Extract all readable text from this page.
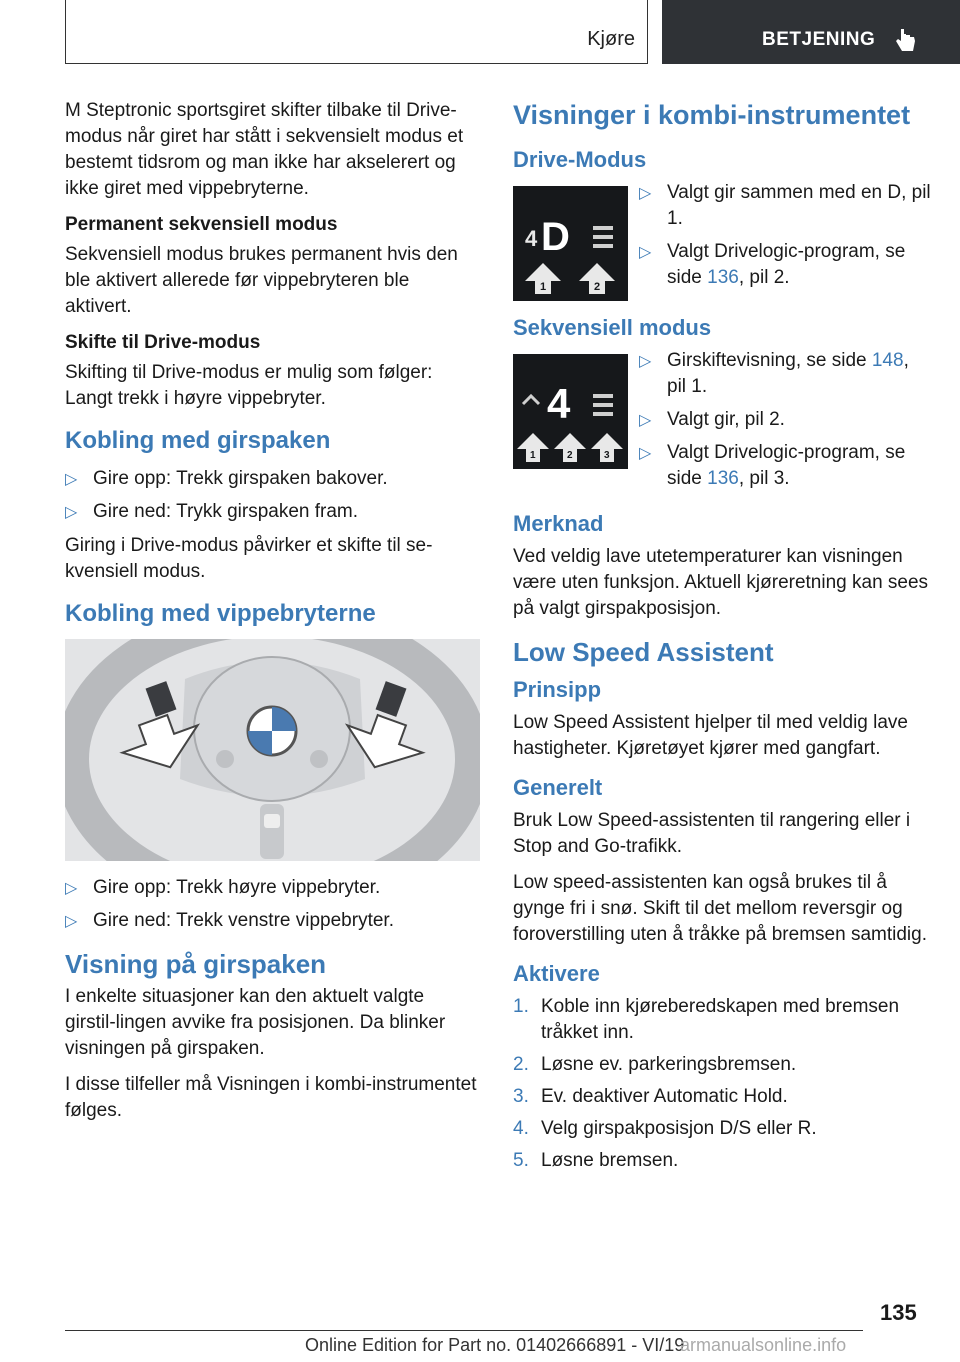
Kjøre	BETJENING

M Steptronic sportsgiret skifter tilbake til Drive-modus når giret har stått i sekvensielt modus et bestemt tidsrom og man ikke har akselerert og ikke giret med vippebryterne.

Permanent sekvensiell modus

Sekvensiell modus brukes permanent hvis den ble aktivert allerede før vippebryteren ble aktivert.

Skifte til Drive-modus

Skifting til Drive-modus er mulig som følger: Langt trekk i høyre vippebryter.

Kobling med girspaken
▷ Gire opp: Trekk girspaken bakover.
▷ Gire ned: Trykk girspaken fram.

Giring i Drive-modus påvirker et skifte til se-kvensiell modus.

Kobling med vippebryterne
▷ Gire opp: Trekk høyre vippebryter.
▷ Gire ned: Trekk venstre vippebryter.
Visning på girspaken

I enkelte situasjoner kan den aktuelt valgte girstil-lingen avvike fra posisjonen. Da blinker visningen på girspaken.

I disse tilfeller må Visningen i kombi-instrumentet følges.

Visninger i kombi-instrumentet
Drive-Modus
4 D
1	2
▷ Valgt gir sammen med en D, pil 1.
▷ Valgt Drivelogic-program, se side 136, pil 2.
Sekvensiell modus
4
1	2	3
▷ Girskiftevisning, se side 148, pil 1.
▷ Valgt gir, pil 2.
▷ Valgt Drivelogic-program, se side 136, pil 3.
Merknad

Ved veldig lave utetemperaturer kan visningen være uten funksjon. Aktuell kjøreretning kan sees på valgt girspakposisjon.

Low Speed Assistent
Prinsipp

Low Speed Assistent hjelper til med veldig lave hastigheter. Kjøretøyet kjører med gangfart.

Generelt

Bruk Low Speed-assistenten til rangering eller i Stop and Go-trafikk.

Low speed-assistenten kan også brukes til å gynge fri i snø. Skift til det mellom reversgir og foroverstilling uten å tråkke på bremsen samtidig.

Aktivere
1. Koble inn kjøreberedskapen med bremsen tråkket inn.
2. Løsne ev. parkeringsbremsen.
3. Ev. deaktiver Automatic Hold.
4. Velg girspakposisjon D/S eller R.
5. Løsne bremsen.
135
Online Edition for Part no. 01402666891 - VI/19
armanualsonline.info
